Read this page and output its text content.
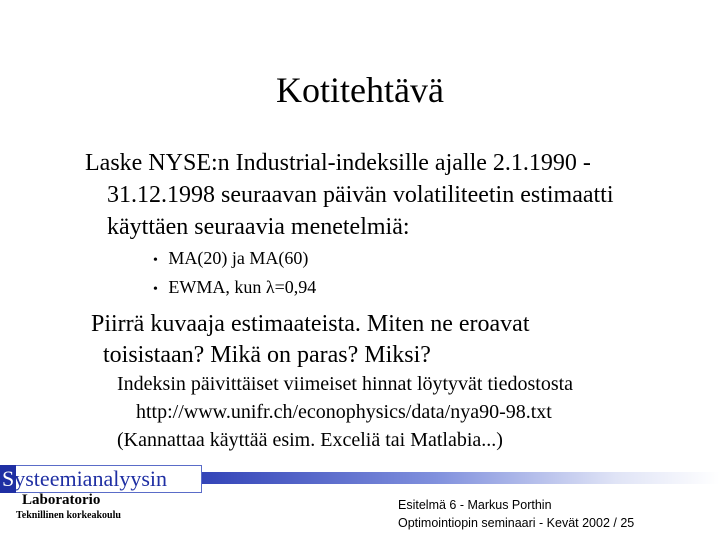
Kotitehtävä
Laske NYSE:n Industrial-indeksille ajalle 2.1.1990 -
31.12.1998 seuraavan päivän volatiliteetin estimaatti
käyttäen seuraavia menetelmiä:
• MA(20) ja MA(60)
• EWMA, kun λ=0,94
Piirrä kuvaaja estimaateista. Miten ne eroavat
toisistaan? Mikä on paras? Miksi?
Indeksin päivittäiset viimeiset hinnat löytyvät tiedostosta
http://www.unifr.ch/econophysics/data/nya90-98.txt
(Kannattaa käyttää esim. Exceliä tai Matlabia...)
Systeemianalyysin
Laboratorio
Teknillinen korkeakoulu
Esitelmä 6 - Markus Porthin
Optimointiopin seminaari - Kevät 2002 / 25
